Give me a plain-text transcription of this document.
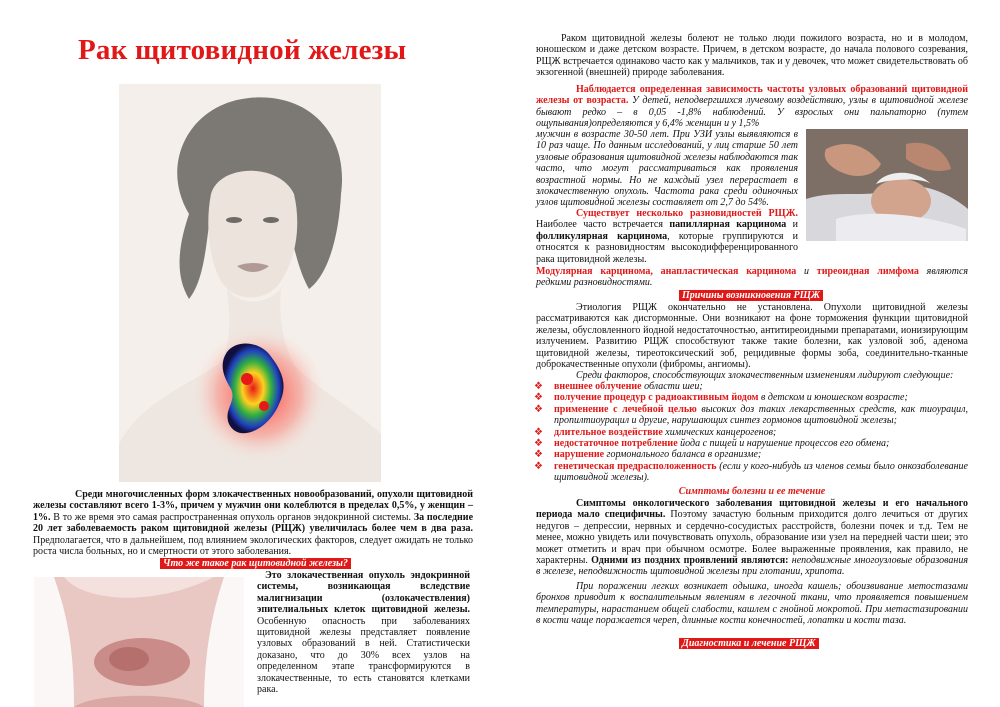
Рак щитовидной железы
Среди многочисленных форм злокачественных новообразований, опухоли щитовидной железы составляют всего 1-3%, причем у мужчин они колеблются в пределах 0,5%, у женщин – 1%. В то же время это самая распространенная опухоль органов эндокринной системы. За последние 20 лет заболеваемость раком щитовидной железы (РЩЖ) увеличилась более чем в два раза. Предполагается, что в дальнейшем, под влиянием экологических факторов, следует ожидать не только роста числа больных, но и смертности от этого заболевания.
Что же такое рак щитовидной железы?
Это злокачественная опухоль эндокринной системы, возникающая вследствие малигнизации (озлокачествления) эпителиальных клеток щитовидной железы. Особенную опасность при заболеваниях щитовидной железы представляет появление узловых образований в ней. Статистически доказано, что до 30% всех узлов на определенном этапе трансформируются в злокачественные, то есть становятся клетками рака.
Раком щитовидной железы болеют не только люди пожилого возраста, но и в молодом, юношеском и даже детском возрасте. Причем, в детском возрасте, до начала полового созревания, РЩЖ встречается одинаково часто как у мальчиков, так и у девочек, что может свидетельствовать об экзогенной (внешней) природе заболевания.
Наблюдается определенная зависимость частоты узловых образований щитовидной железы от возраста. У детей, неподвергшихся лучевому воздействию, узлы в щитовидной железе бывают редко – в 0,05 -1,8% наблюдений. У взрослых они пальпаторно (путем ощупывания)определяются у 6,4% женщин и у 1,5%
мужчин в возрасте 30-50 лет. При УЗИ узлы выявляются в 10 раз чаще. По данным исследований, у лиц старше 50 лет узловые образования щитовидной железы наблюдаются так часто, что могут рассматриваться как проявления возрастной нормы. Но не каждый узел перерастает в злокачественную опухоль. Частота рака среди одиночных узлов щитовидной железы составляет от 2,7 до 54%.
Существует несколько разновидностей РЩЖ. Наиболее часто встречается папиллярная карцинома и фолликулярная карцинома, которые группируются и относятся к разновидностям высокодифференцированного рака щитовидной железы.
Модулярная карцинома, анапластическая карцинома и тиреоидная лимфома являются редкими разновидностями.
Причины возникновения РЩЖ
Этиология РЩЖ окончательно не установлена. Опухоли щитовидной железы рассматриваются как дисгормонные. Они возникают на фоне торможения функции щитовидной железы, обусловленного йодной недостаточностью, антитиреоидными препаратами, ионизирующим излучением. Развитию РЩЖ способствуют также такие болезни, как узловой зоб, аденома щитовидной железы, тиреотоксический зоб, рецидивные формы зоба, соединительно-тканные доброкачественные опухоли (фибромы, ангиомы).
Среди факторов, способствующих злокачественным изменениям лидируют следующие:
❖ внешнее облучение области шеи;
❖ получение процедур с радиоактивным йодом в детском и юношеском возрасте;
❖ применение с лечебной целью высоких доз таких лекарственных средств, как тиоурацил, пропилтиоурацил и другие, нарушающих синтез гормонов щитовидной железы;
❖ длительное воздействие химических канцерогенов;
❖ недостаточное потребление йода с пищей и нарушение процессов его обмена;
❖ нарушение гормонального баланса в организме;
❖ генетическая предрасположенность (если у кого-нибудь из членов семьи было онкозаболевание щитовидной железы).
Симптомы болезни и ее течение
Симптомы онкологического заболевания щитовидной железы и его начального периода мало специфичны. Поэтому зачастую больным приходится долго лечиться от других недугов – депрессии, нервных и сердечно-сосудистых расстройств, болезни почек и т.д. Тем не менее, можно увидеть или почувствовать опухоль, образование изи узел на передней части шеи; это может отметить и врач при обычном осмотре. Более выраженные проявления, как правило, не характерны. Одними из поздних проявлений являются: неподвижные многоузловые образования в железе, неподвижность щитовидной железы при глотании, хрипота.
При поражении легких возникает одышка, иногда кашель; обоизвивание метостазами бронхов приводит к воспалительным явлениям в легочной ткани, что проявляется повышением температуры, нарастанием общей слабости, кашлем с гнойной мокротой. При метастазировании в кости чаще поражается череп, длинные кости конечностей, лопатки и кости таза.
Диагностика и лечение РЩЖ
